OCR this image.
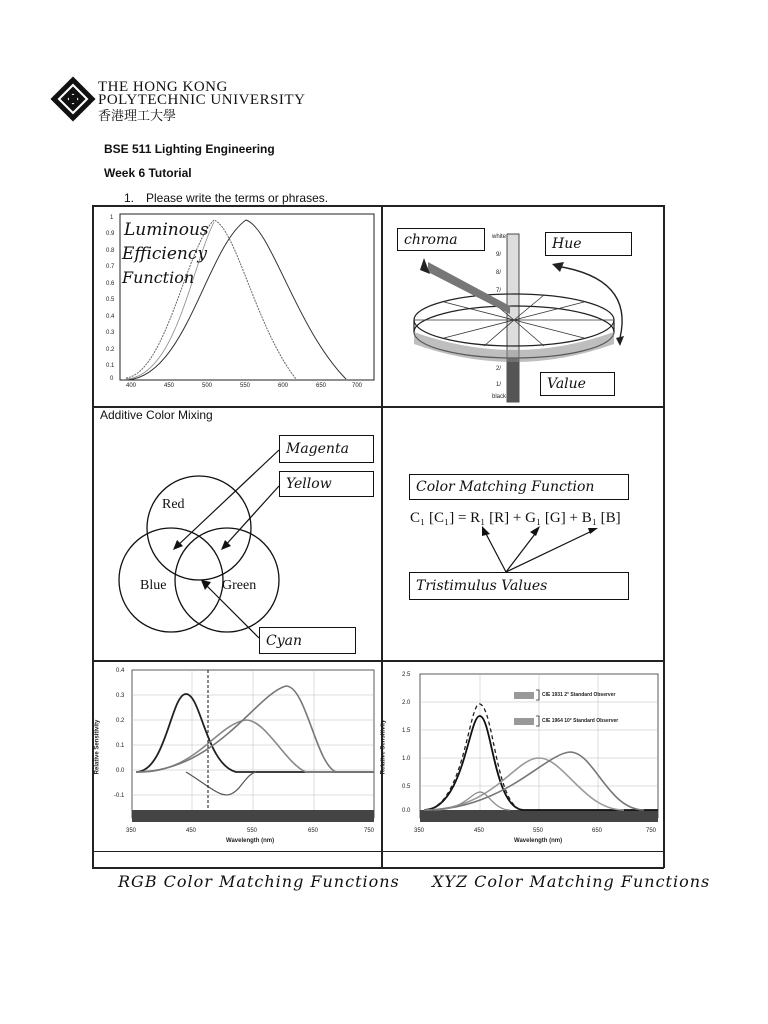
THE HONG KONG
POLYTECHNIC UNIVERSITY
香港理工大學
BSE 511 Lighting Engineering
Week 6 Tutorial
1. Please write the terms or phrases.
1
0.9
0.8
0.7
0.6
0.5
0.4
0.3
0.2
0.1
0
400	450	500	550	600	650	700
Luminous
Efficiency
Function
white
black
9/
8/
7/
2/
1/
chroma	Hue
Value
Additive Color Mixing
Red
Blue	Green
Magenta
Yellow
Cyan
Color Matching Function
C₁ [C₁] = R₁ [R] + G₁ [G] + B₁ [B]
Tristimulus Values
0.4
0.3
0.2
0.1
0.0
-0.1
350	450	550	650	750
Wavelength (nm)
Relative Sensitivity
2.5
2.0
1.5
1.0
0.5
0.0
350	450	550	650	750
Wavelength (nm)
Relative Sensitivity
CIE 1931 2° Standard Observer
CIE 1964 10° Standard Observer
RGB Color Matching Functions XYZ Color Matching Functions
